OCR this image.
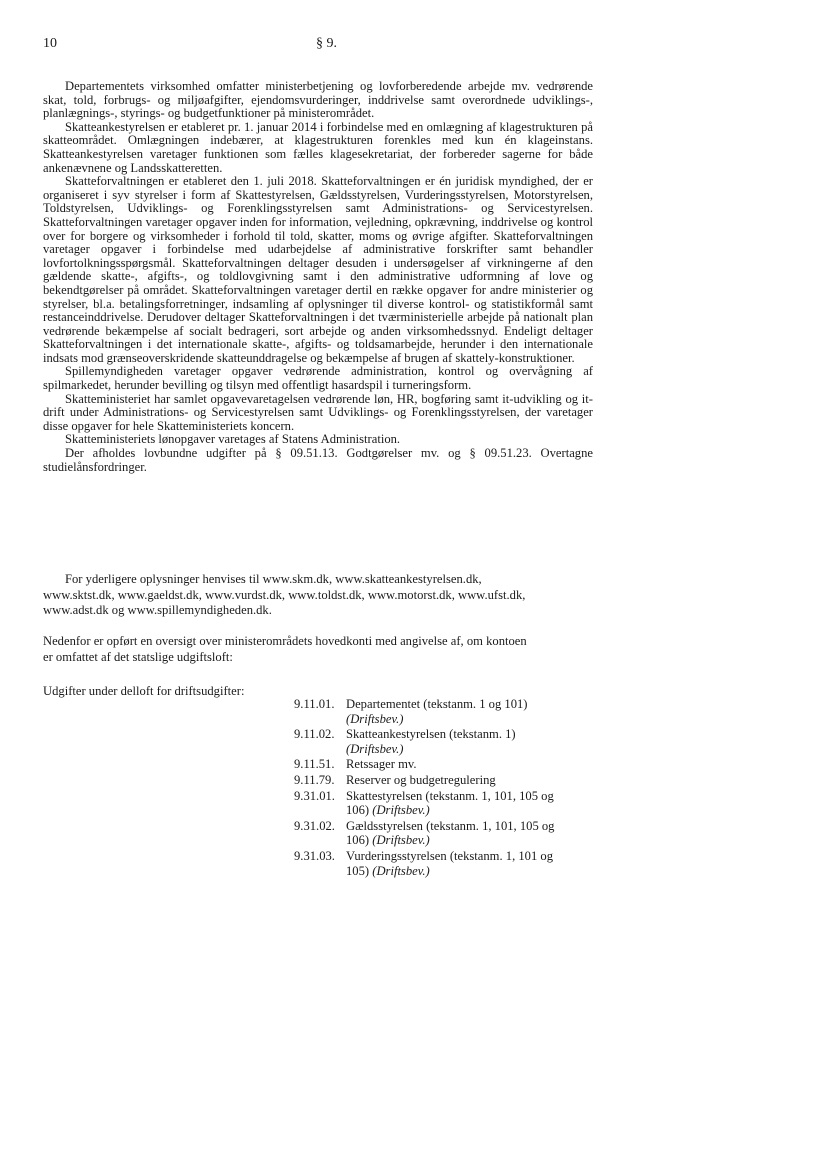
10	§ 9.

Departementets virksomhed omfatter ministerbetjening og lovforberedende arbejde mv. vedrørende skat, told, forbrugs- og miljøafgifter, ejendomsvurderinger, inddrivelse samt overordnede udviklings-, planlægnings-, styrings- og budgetfunktioner på ministerområdet.

Skatteankestyrelsen er etableret pr. 1. januar 2014 i forbindelse med en omlægning af klagestrukturen på skatteområdet. Omlægningen indebærer, at klagestrukturen forenkles med kun én klageinstans. Skatteankestyrelsen varetager funktionen som fælles klagesekretariat, der forbereder sagerne for både ankenævnene og Landsskatteretten.

Skatteforvaltningen er etableret den 1. juli 2018. Skatteforvaltningen er én juridisk myndighed, der er organiseret i syv styrelser i form af Skattestyrelsen, Gældsstyrelsen, Vurderingsstyrelsen, Motorstyrelsen, Toldstyrelsen, Udviklings- og Forenklingsstyrelsen samt Administrations- og Servicestyrelsen. Skatteforvaltningen varetager opgaver inden for information, vejledning, opkrævning, inddrivelse og kontrol over for borgere og virksomheder i forhold til told, skatter, moms og øvrige afgifter. Skatteforvaltningen varetager opgaver i forbindelse med udarbejdelse af administrative forskrifter samt behandler lovfortolkningsspørgsmål. Skatteforvaltningen deltager desuden i undersøgelser af virkningerne af den gældende skatte-, afgifts-, og toldlovgivning samt i den administrative udformning af love og bekendtgørelser på området. Skatteforvaltningen varetager dertil en række opgaver for andre ministerier og styrelser, bl.a. betalingsforretninger, indsamling af oplysninger til diverse kontrol- og statistikformål samt restanceinddrivelse. Derudover deltager Skatteforvaltningen i det tværministerielle arbejde på nationalt plan vedrørende bekæmpelse af socialt bedrageri, sort arbejde og anden virksomhedssnyd. Endeligt deltager Skatteforvaltningen i det internationale skatte-, afgifts- og toldsamarbejde, herunder i den internationale indsats mod grænseoverskridende skatteunddragelse og bekæmpelse af brugen af skattely-konstruktioner.

Spillemyndigheden varetager opgaver vedrørende administration, kontrol og overvågning af spilmarkedet, herunder bevilling og tilsyn med offentligt hasardspil i turneringsform.

Skatteministeriet har samlet opgavevaretagelsen vedrørende løn, HR, bogføring samt it-udvikling og it-drift under Administrations- og Servicestyrelsen samt Udviklings- og Forenklingsstyrelsen, der varetager disse opgaver for hele Skatteministeriets koncern.

Skatteministeriets lønopgaver varetages af Statens Administration.

Der afholdes lovbundne udgifter på § 09.51.13. Godtgørelser mv. og § 09.51.23. Overtagne studielånsfordringer.

For yderligere oplysninger henvises til www.skm.dk, www.skatteankestyrelsen.dk,
www.sktst.dk, www.gaeldst.dk, www.vurdst.dk, www.toldst.dk, www.motorst.dk, www.ufst.dk,
www.adst.dk og www.spillemyndigheden.dk.
Nedenfor er opført en oversigt over ministerområdets hovedkonti med angivelse af, om kontoen
er omfattet af det statslige udgiftsloft:
Udgifter under delloft for driftsudgifter:
9.11.01. Departementet (tekstanm. 1 og 101)
(Driftsbev.)
9.11.02. Skatteankestyrelsen (tekstanm. 1)
(Driftsbev.)
9.11.51. Retssager mv.
9.11.79. Reserver og budgetregulering
9.31.01. Skattestyrelsen (tekstanm. 1, 101, 105 og
106) (Driftsbev.)
9.31.02. Gældsstyrelsen (tekstanm. 1, 101, 105 og
106) (Driftsbev.)
9.31.03. Vurderingsstyrelsen (tekstanm. 1, 101 og
105) (Driftsbev.)
